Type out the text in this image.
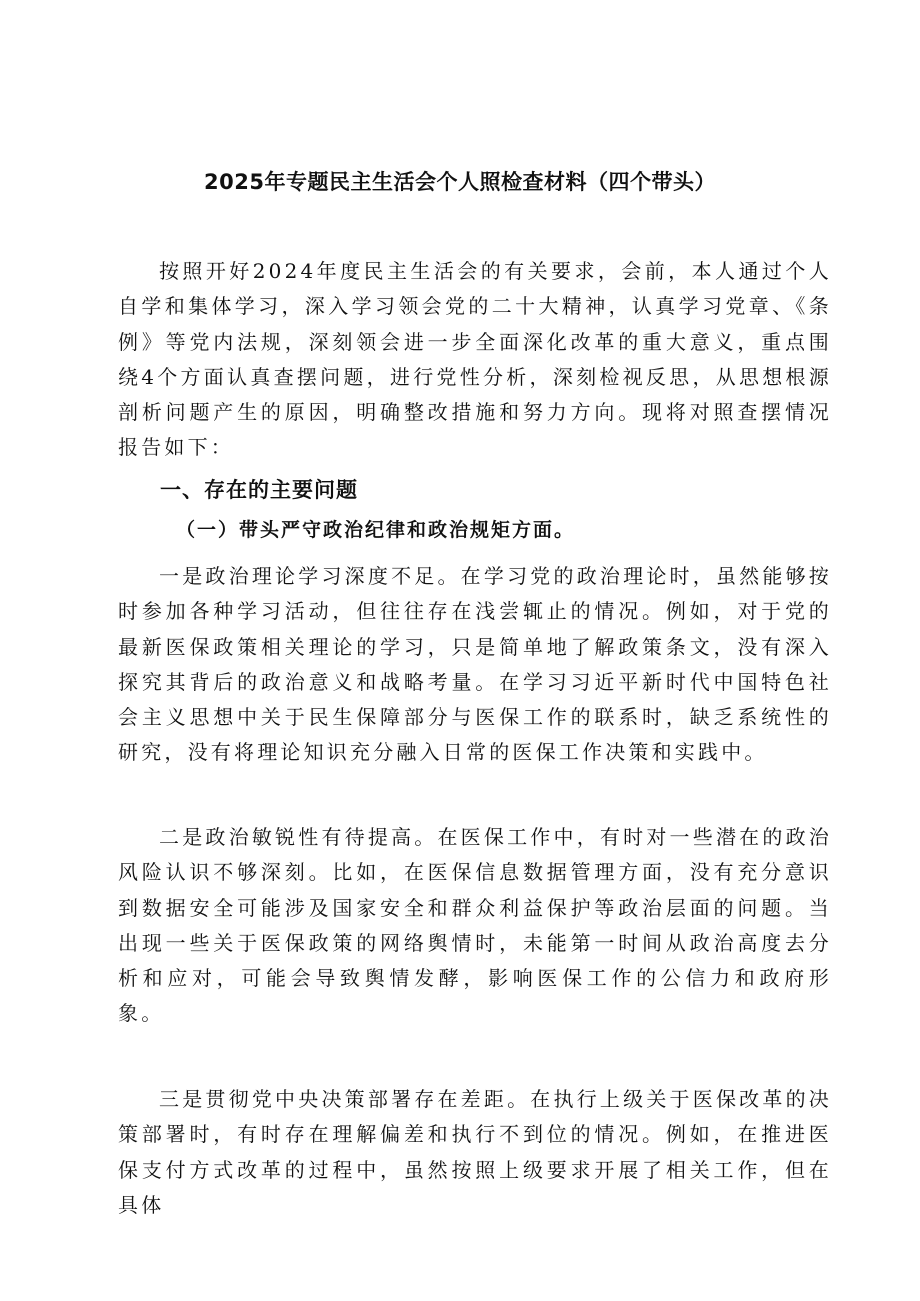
2025年专题民主生活会个人照检查材料（四个带头）

按照开好2024年度民主生活会的有关要求，会前，本人通过个人自学和集体学习，深入学习领会党的二十大精神，认真学习党章、《条例》等党内法规，深刻领会进一步全面深化改革的重大意义，重点围绕4个方面认真查摆问题，进行党性分析，深刻检视反思，从思想根源剖析问题产生的原因，明确整改措施和努力方向。现将对照查摆情况报告如下：

一、存在的主要问题
（一）带头严守政治纪律和政治规矩方面。

一是政治理论学习深度不足。在学习党的政治理论时，虽然能够按时参加各种学习活动，但往往存在浅尝辄止的情况。例如，对于党的最新医保政策相关理论的学习，只是简单地了解政策条文，没有深入探究其背后的政治意义和战略考量。在学习习近平新时代中国特色社会主义思想中关于民生保障部分与医保工作的联系时，缺乏系统性的研究，没有将理论知识充分融入日常的医保工作决策和实践中。

二是政治敏锐性有待提高。在医保工作中，有时对一些潜在的政治风险认识不够深刻。比如，在医保信息数据管理方面，没有充分意识到数据安全可能涉及国家安全和群众利益保护等政治层面的问题。当出现一些关于医保政策的网络舆情时，未能第一时间从政治高度去分析和应对，可能会导致舆情发酵，影响医保工作的公信力和政府形象。

三是贯彻党中央决策部署存在差距。在执行上级关于医保改革的决策部署时，有时存在理解偏差和执行不到位的情况。例如，在推进医保支付方式改革的过程中，虽然按照上级要求开展了相关工作，但在具体
